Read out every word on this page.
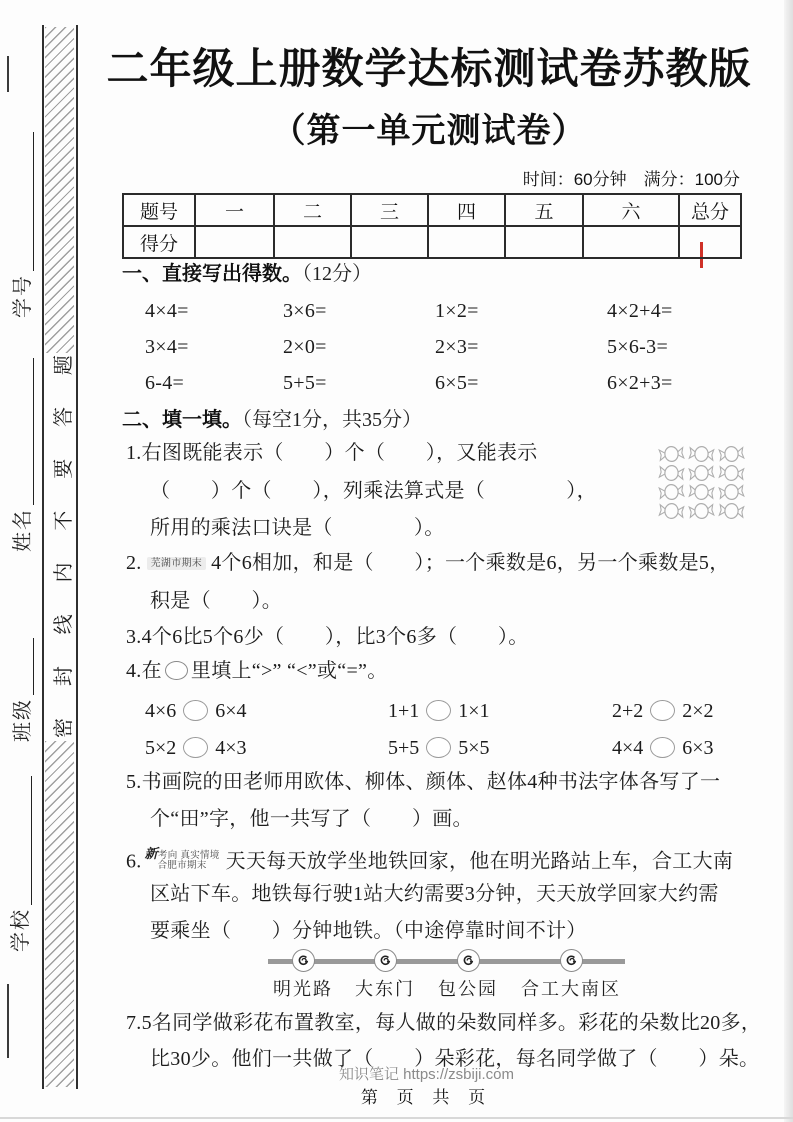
密
封
线
内
不
要
答
题
学号
姓名
班级
学校
二年级上册数学达标测试卷苏教版
（第一单元测试卷）
时间：60分钟　满分：100分
题号	一	二	三	四	五	六	总分
得分							
一、直接写出得数。（12分）
4×4=	3×6=	1×2=	4×2+4=
3×4=	2×0=	2×3=	5×6-3=
6-4=	5+5=	6×5=	6×2+3=
二、填一填。（每空1分，共35分）
1.右图既能表示（　　）个（　　），又能表示
（　　）个（　　），列乘法算式是（　　　　），
所用的乘法口诀是（　　　　）。
2. 芜湖市期末 4个6相加，和是（　　）；一个乘数是6，另一个乘数是5，
积是（　　）。
3.4个6比5个6少（　　），比3个6多（　　）。
4.在 里填上“>” “<”或“=”。
4×6 6×4	1+1 1×1	2+2 2×2
5×2 4×3	5+5 5×5	4×4 6×3
5.书画院的田老师用欧体、柳体、颜体、赵体4种书法字体各写了一
个“田”字，他一共写了（　　）画。
6. 新考向 真实情境
合肥市期末 天天每天放学坐地铁回家，他在明光路站上车，合工大南
区站下车。地铁每行驶1站大约需要3分钟，天天放学回家大约需
要乘坐（　　）分钟地铁。（中途停靠时间不计）
明光路 大东门 包公园 合工大南区
7.5名同学做彩花布置教室，每人做的朵数同样多。彩花的朵数比20多，
比30少。他们一共做了（　　）朵彩花，每名同学做了（　　）朵。
知识笔记 https://zsbiji.com
第 页 共 页
